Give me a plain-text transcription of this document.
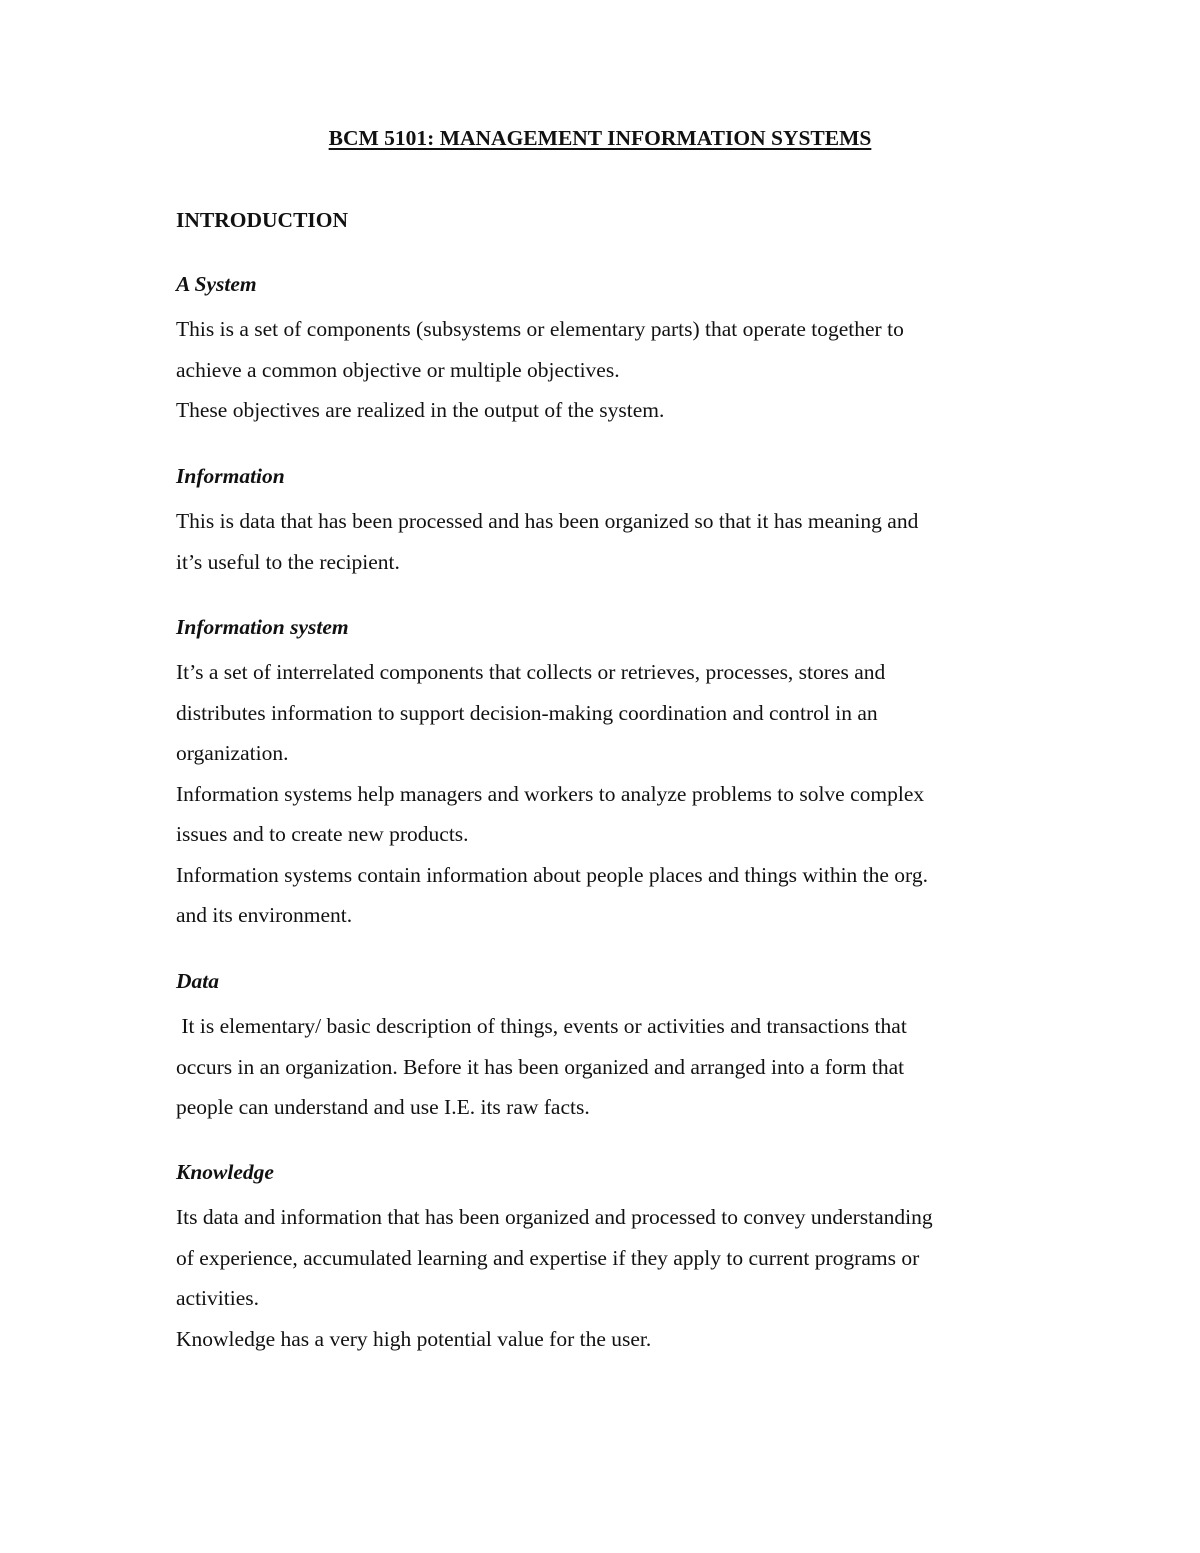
BCM 5101: MANAGEMENT INFORMATION SYSTEMS
INTRODUCTION

A System

This is a set of components (subsystems or elementary parts) that operate together to

achieve a common objective or multiple objectives.

These objectives are realized in the output of the system.

Information

This is data that has been processed and has been organized so that it has meaning and

it’s useful to the recipient.

Information system

It’s a set of interrelated components that collects or retrieves, processes, stores and

distributes information to support decision-making coordination and control in an

organization.

Information systems help managers and workers to analyze problems to solve complex

issues and to create new products.

Information systems contain information about people places and things within the org.

and its environment.

Data

It is elementary/ basic description of things, events or activities and transactions that

occurs in an organization. Before it has been organized and arranged into a form that

people can understand and use I.E. its raw facts.

Knowledge

Its data and information that has been organized and processed to convey understanding

of experience, accumulated learning and expertise if they apply to current programs or

activities.

Knowledge has a very high potential value for the user.
